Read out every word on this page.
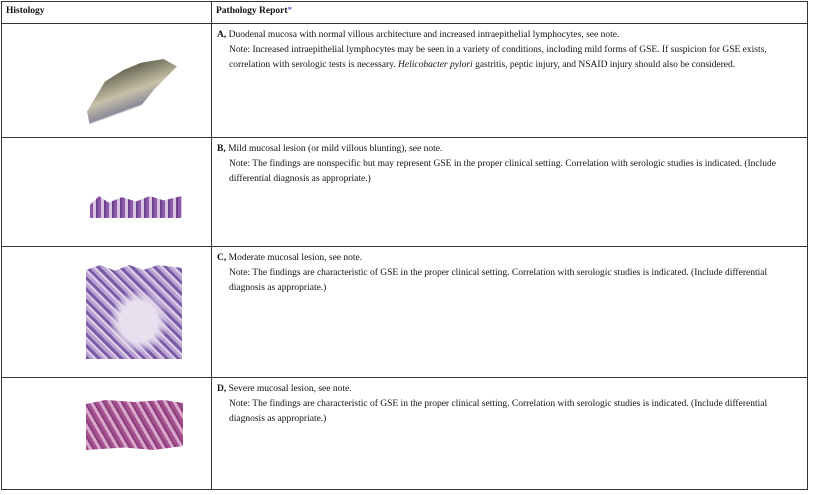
Histology	Pathology Report*

	A, Duodenal mucosa with normal villous architecture and increased intraepithelial lymphocytes, see note.
Note: Increased intraepithelial lymphocytes may be seen in a variety of conditions, including mild forms of GSE. If suspicion for GSE exists, correlation with serologic tests is necessary. Helicobacter pylori gastritis, peptic injury, and NSAID injury should also be considered.

	B, Mild mucosal lesion (or mild villous blunting), see note.
Note: The findings are nonspecific but may represent GSE in the proper clinical setting. Correlation with serologic studies is indicated. (Include differential diagnosis as appropriate.)

	C, Moderate mucosal lesion, see note.
Note: The findings are characteristic of GSE in the proper clinical setting. Correlation with serologic studies is indicated. (Include differential diagnosis as appropriate.)

	D, Severe mucosal lesion, see note.
Note: The findings are characteristic of GSE in the proper clinical setting. Correlation with serologic studies is indicated. (Include differential diagnosis as appropriate.)
